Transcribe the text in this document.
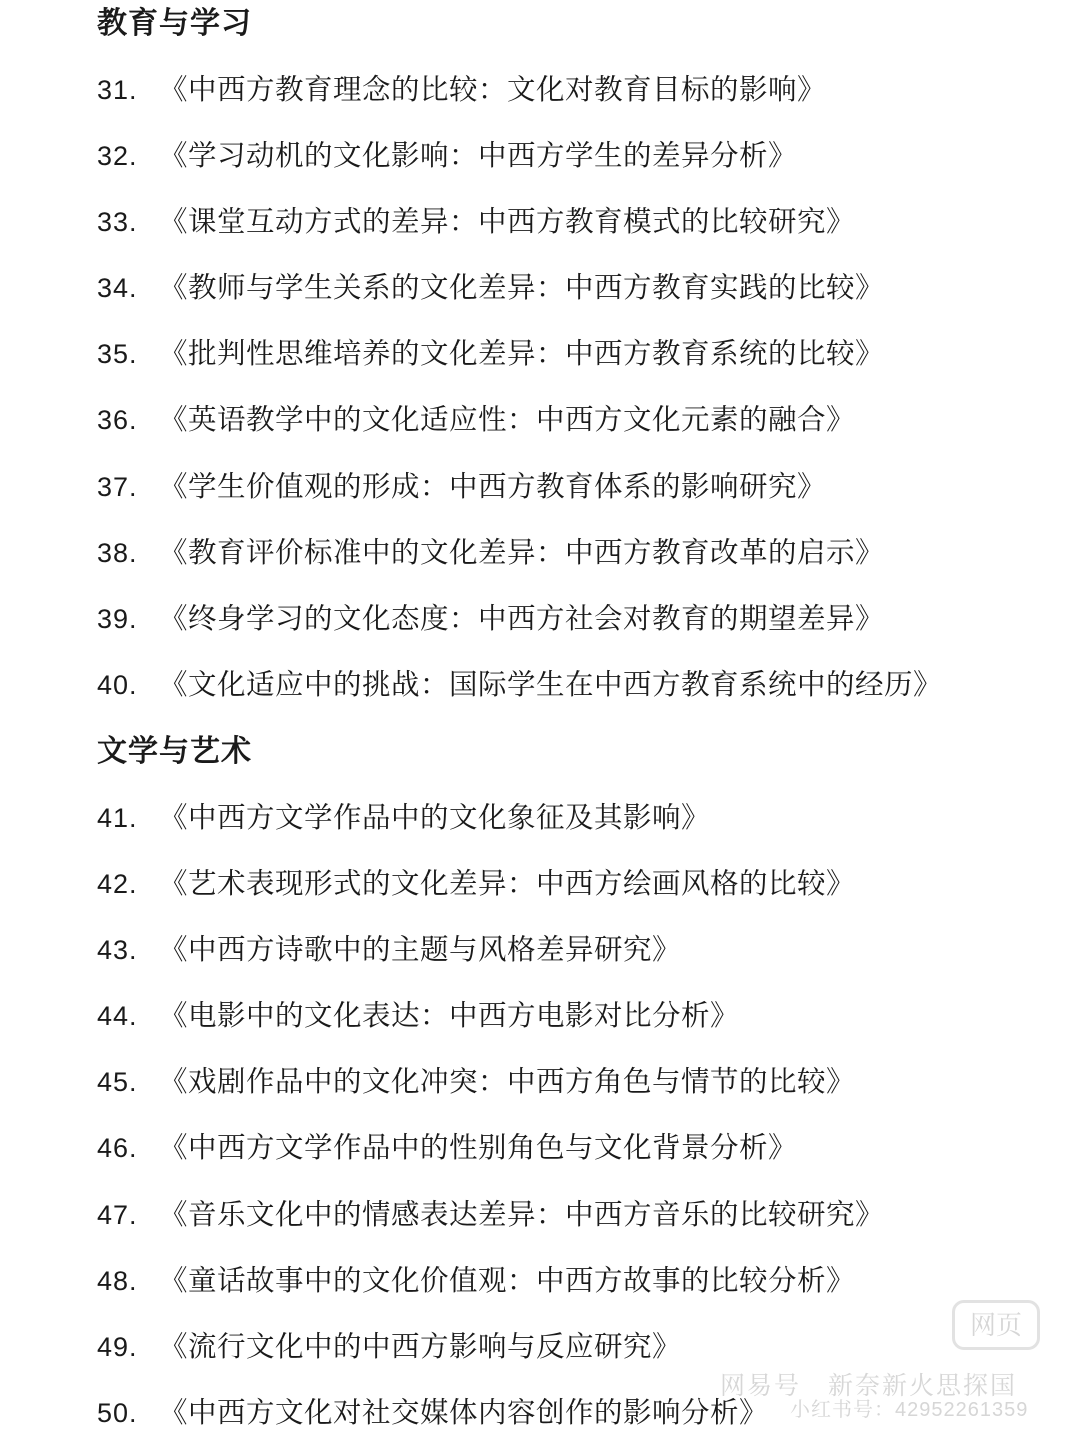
教育与学习
31. 《中西方教育理念的比较：文化对教育目标的影响》
32. 《学习动机的文化影响：中西方学生的差异分析》
33. 《课堂互动方式的差异：中西方教育模式的比较研究》
34. 《教师与学生关系的文化差异：中西方教育实践的比较》
35. 《批判性思维培养的文化差异：中西方教育系统的比较》
36. 《英语教学中的文化适应性：中西方文化元素的融合》
37. 《学生价值观的形成：中西方教育体系的影响研究》
38. 《教育评价标准中的文化差异：中西方教育改革的启示》
39. 《终身学习的文化态度：中西方社会对教育的期望差异》
40. 《文化适应中的挑战：国际学生在中西方教育系统中的经历》
文学与艺术
41. 《中西方文学作品中的文化象征及其影响》
42. 《艺术表现形式的文化差异：中西方绘画风格的比较》
43. 《中西方诗歌中的主题与风格差异研究》
44. 《电影中的文化表达：中西方电影对比分析》
45. 《戏剧作品中的文化冲突：中西方角色与情节的比较》
46. 《中西方文学作品中的性别角色与文化背景分析》
47. 《音乐文化中的情感表达差异：中西方音乐的比较研究》
48. 《童话故事中的文化价值观：中西方故事的比较分析》
49. 《流行文化中的中西方影响与反应研究》
50. 《中西方文化对社交媒体内容创作的影响分析》
网页
网易号　新奈新火思探国
小红书号：42952261359
